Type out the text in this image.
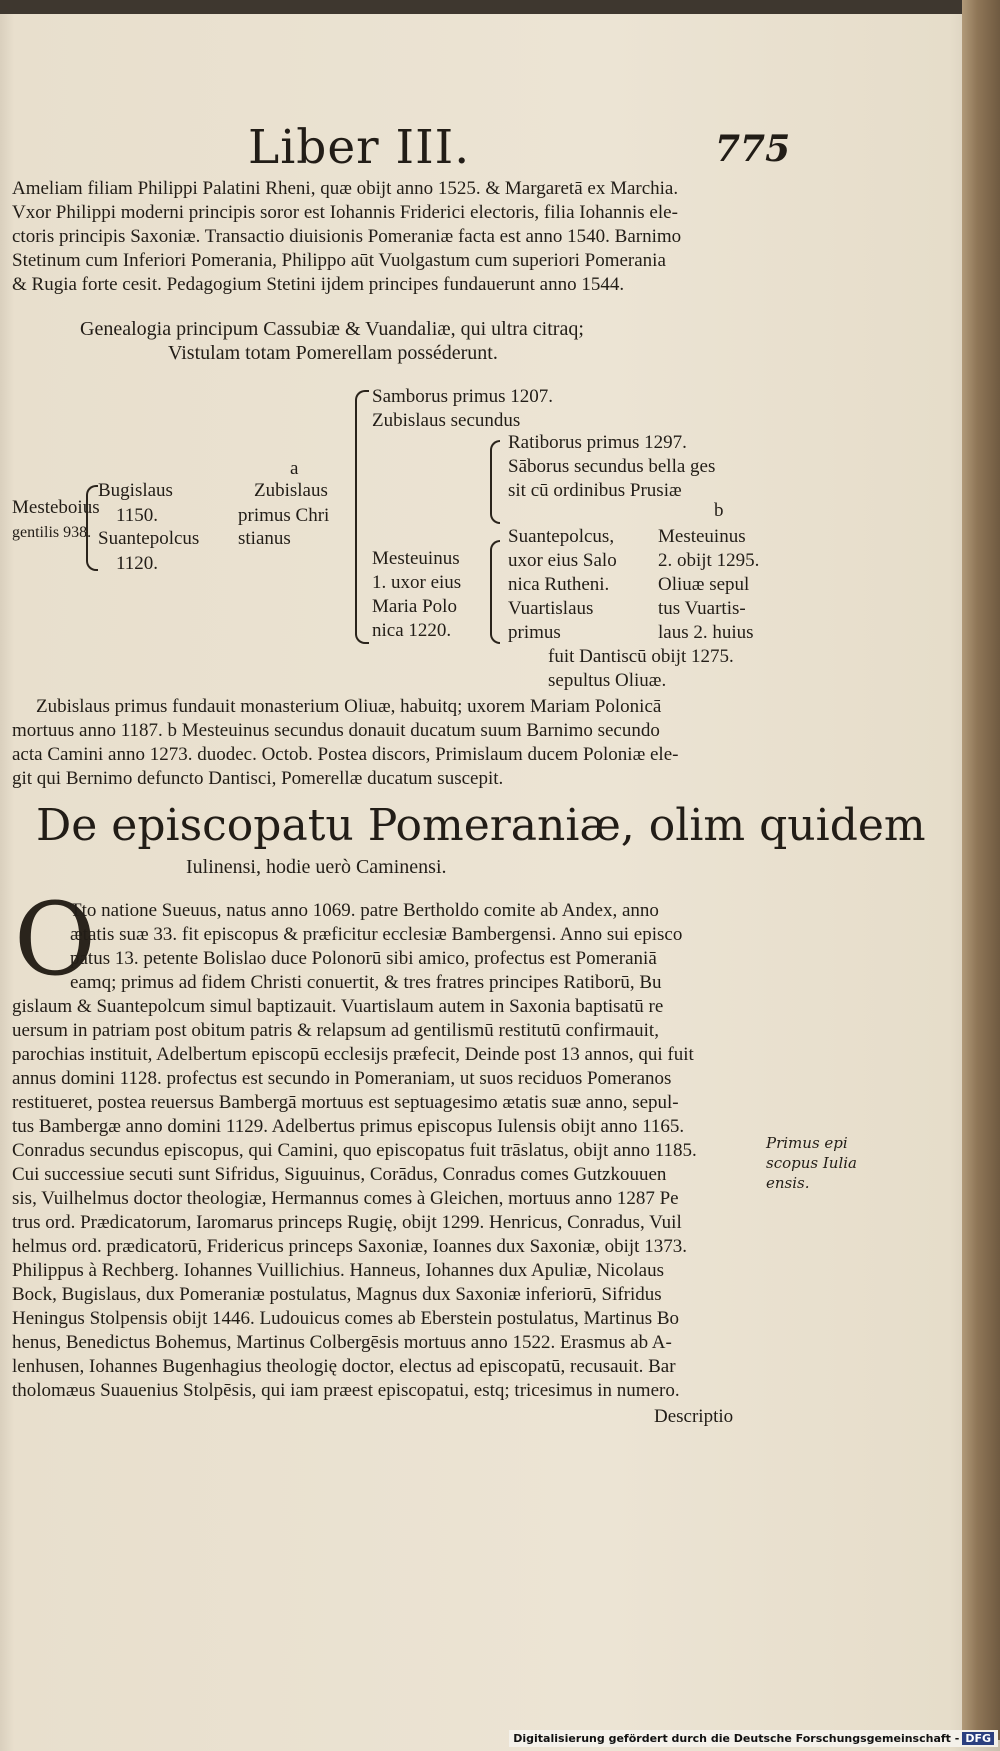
Liber III.	775
Ameliam filiam Philippi Palatini Rheni, quæ obijt anno 1525. & Margaretā ex Marchia.
Vxor Philippi moderni principis soror est Iohannis Friderici electoris, filia Iohannis ele-
ctoris principis Saxoniæ. Transactio diuisionis Pomeraniæ facta est anno 1540. Barnimo
Stetinum cum Inferiori Pomerania, Philippo aūt Vuolgastum cum superiori Pomerania
& Rugia forte cesit. Pedagogium Stetini ijdem principes fundauerunt anno 1544.
Genealogia principum Cassubiæ & Vuandaliæ, qui ultra citraq;
Vistulam totam Pomerellam posséderunt.
Mesteboius
gentilis 938.
Bugislaus
1150.
Suantepolcus
1120.
a
Zubislaus
primus Chri
stianus
Samborus primus 1207.
Zubislaus secundus
Mesteuinus
1. uxor eius
Maria Polo
nica 1220.
Ratiborus primus 1297.
Sāborus secundus bella ges
sit cū ordinibus Prusiæ
Suantepolcus,
uxor eius Salo
nica Rutheni.
Vuartislaus
primus
b
Mesteuinus
2. obijt 1295.
Oliuæ sepul
tus Vuartis-
laus 2. huius
fuit Dantiscū obijt 1275.
sepultus Oliuæ.
Zubislaus primus fundauit monasterium Oliuæ, habuitq; uxorem Mariam Polonicā
mortuus anno 1187. b Mesteuinus secundus donauit ducatum suum Barnimo secundo
acta Camini anno 1273. duodec. Octob. Postea discors, Primislaum ducem Poloniæ ele-
git qui Bernimo defuncto Dantisci, Pomerellæ ducatum suscepit.
De episcopatu Pomeraniæ, olim quidem
Iulinensi, hodie uerò Caminensi.
O
Tto natione Sueuus, natus anno 1069. patre Bertholdo comite ab Andex, anno
ætatis suæ 33. fit episcopus & præficitur ecclesiæ Bambergensi. Anno sui episco
patus 13. petente Bolislao duce Polonorū sibi amico, profectus est Pomeraniā
eamq; primus ad fidem Christi conuertit, & tres fratres principes Ratiborū, Bu
gislaum & Suantepolcum simul baptizauit. Vuartislaum autem in Saxonia baptisatū re
uersum in patriam post obitum patris & relapsum ad gentilismū restitutū confirmauit,
parochias instituit, Adelbertum episcopū ecclesijs præfecit, Deinde post 13 annos, qui fuit
annus domini 1128. profectus est secundo in Pomeraniam, ut suos reciduos Pomeranos
restitueret, postea reuersus Bambergā mortuus est septuagesimo ætatis suæ anno, sepul-
tus Bambergæ anno domini 1129. Adelbertus primus episcopus Iulensis obijt anno 1165.
Conradus secundus episcopus, qui Camini, quo episcopatus fuit trāslatus, obijt anno 1185.
Cui successiue secuti sunt Sifridus, Siguuinus, Corādus, Conradus comes Gutzkouuen
sis, Vuilhelmus doctor theologiæ, Hermannus comes à Gleichen, mortuus anno 1287 Pe
trus ord. Prædicatorum, Iaromarus princeps Rugię, obijt 1299. Henricus, Conradus, Vuil
helmus ord. prædicatorū, Fridericus princeps Saxoniæ, Ioannes dux Saxoniæ, obijt 1373.
Philippus à Rechberg. Iohannes Vuillichius. Hanneus, Iohannes dux Apuliæ, Nicolaus
Bock, Bugislaus, dux Pomeraniæ postulatus, Magnus dux Saxoniæ inferiorū, Sifridus
Heningus Stolpensis obijt 1446. Ludouicus comes ab Eberstein postulatus, Martinus Bo
henus, Benedictus Bohemus, Martinus Colbergēsis mortuus anno 1522. Erasmus ab A-
lenhusen, Iohannes Bugenhagius theologię doctor, electus ad episcopatū, recusauit. Bar
tholomæus Suauenius Stolpēsis, qui iam præest episcopatui, estq; tricesimus in numero.
Descriptio
Primus epi
scopus Iulia
ensis.
Digitalisierung gefördert durch die Deutsche Forschungsgemeinschaft - DFG
